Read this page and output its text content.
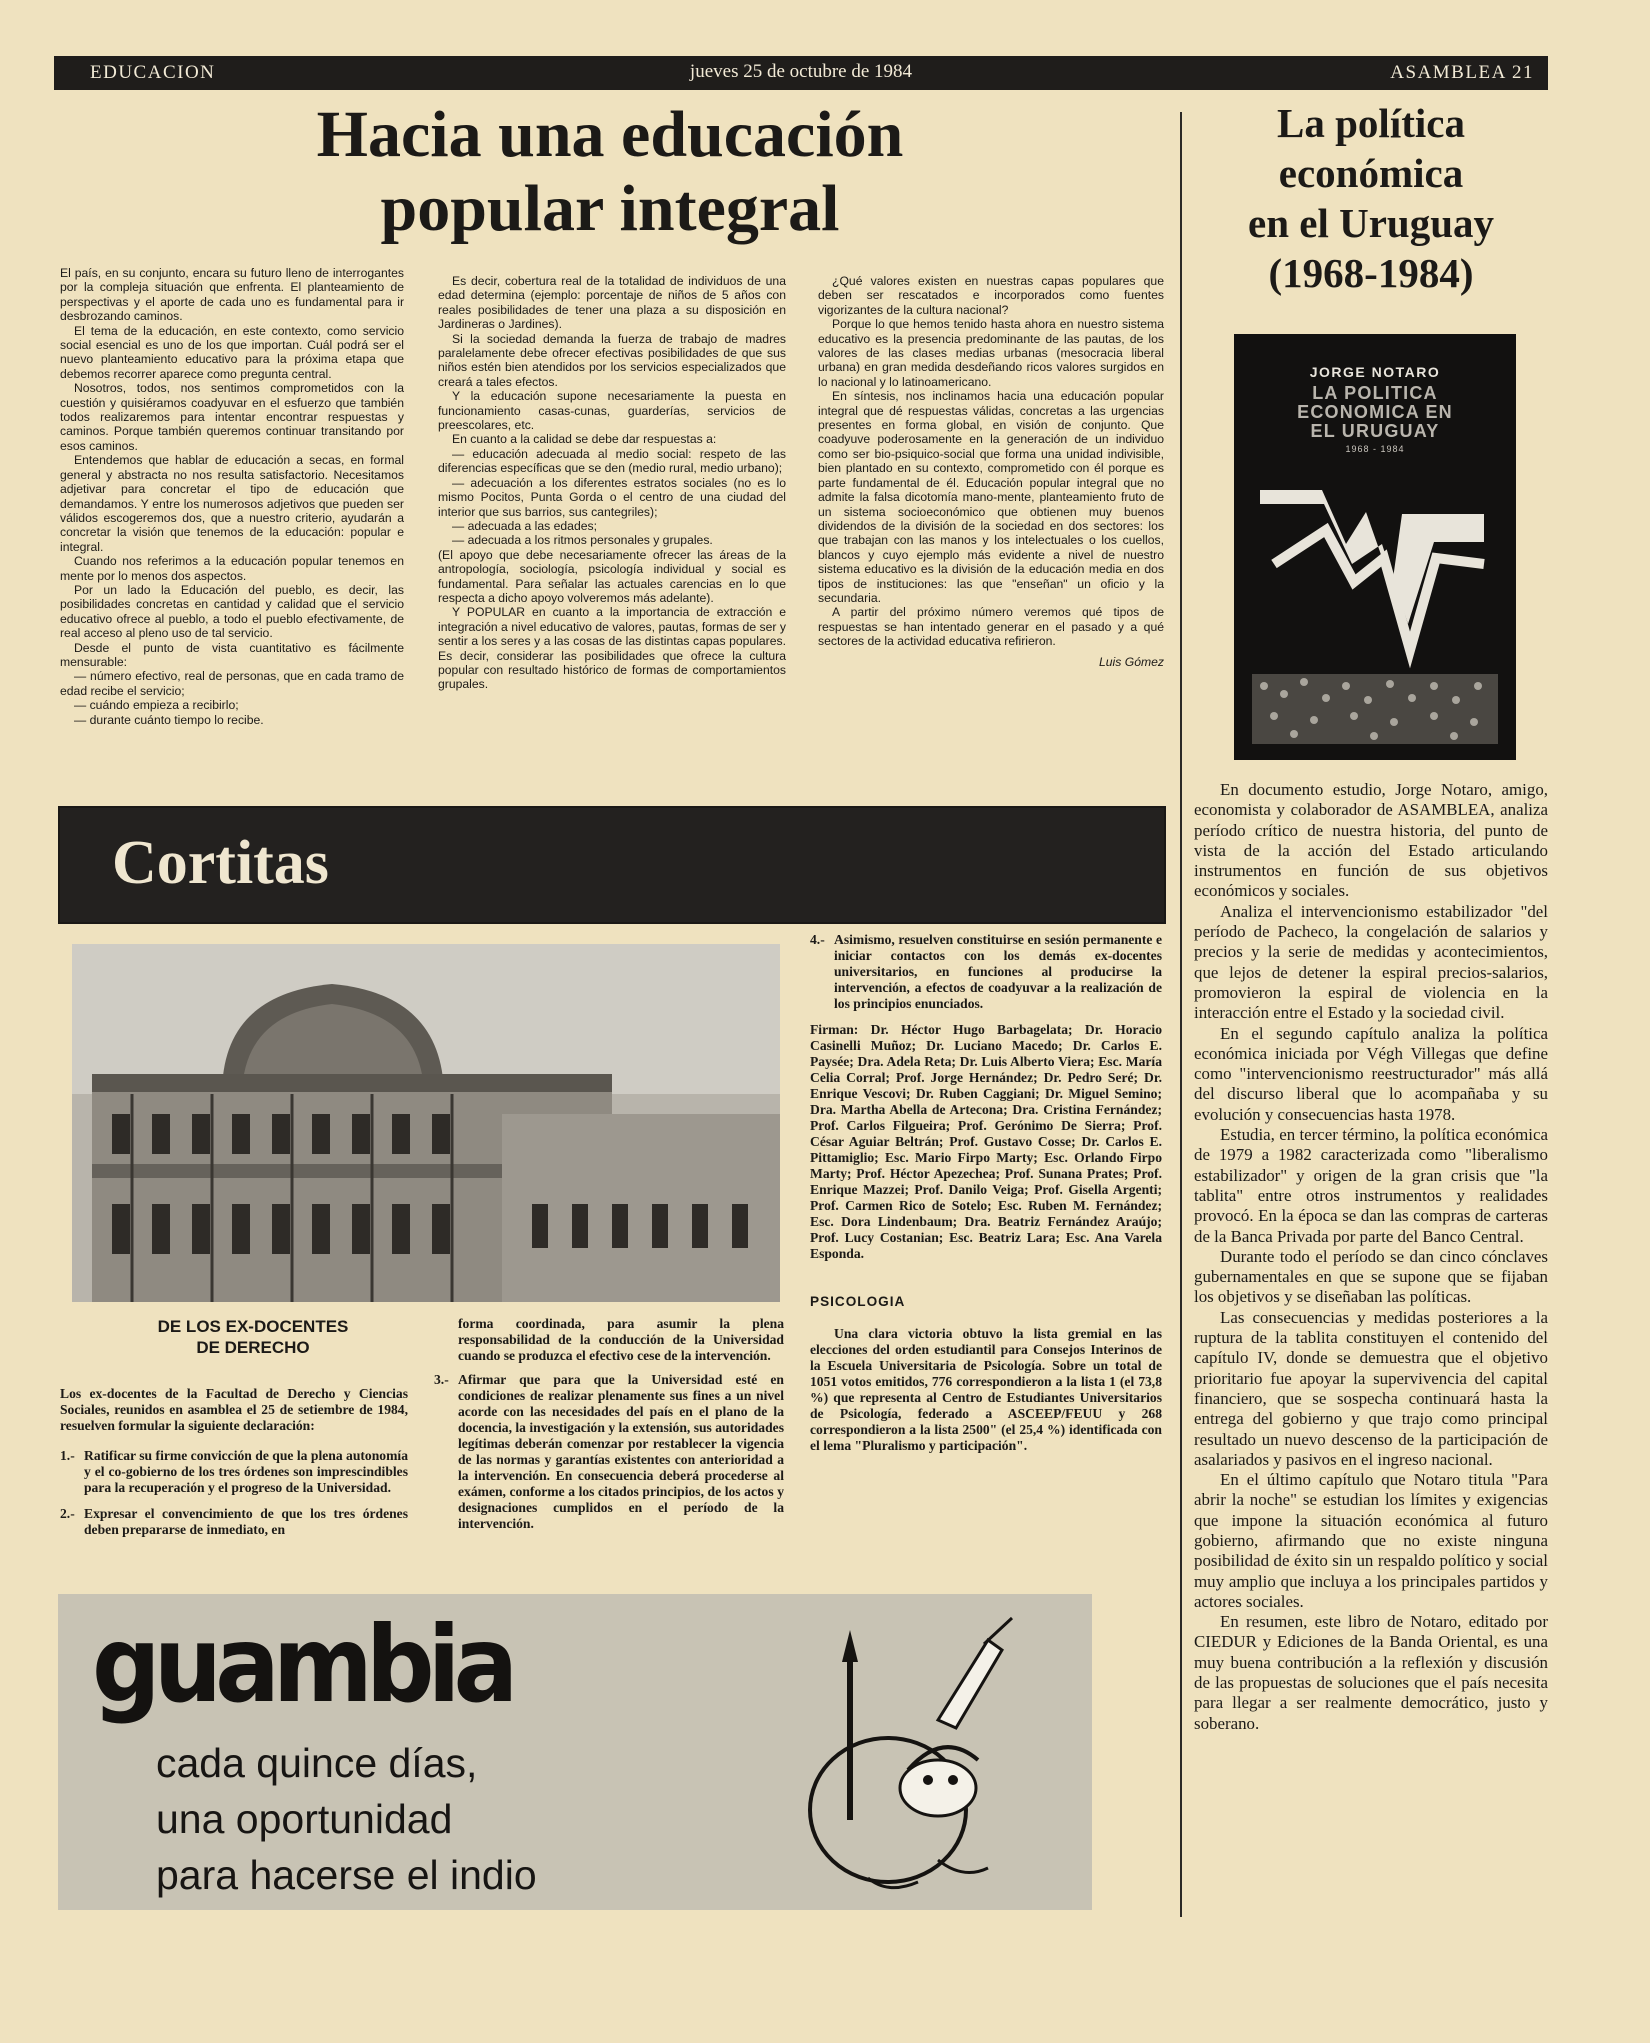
EDUCACION	jueves 25 de octubre de 1984	ASAMBLEA 21
Hacia una educación
popular integral

El país, en su conjunto, encara su futuro lleno de interrogantes por la compleja situación que enfrenta. El planteamiento de perspectivas y el aporte de cada uno es fundamental para ir desbrozando caminos.

El tema de la educación, en este contexto, como servicio social esencial es uno de los que importan. Cuál podrá ser el nuevo planteamiento educativo para la próxima etapa que debemos recorrer aparece como pregunta central.

Nosotros, todos, nos sentimos comprometidos con la cuestión y quisiéramos coadyuvar en el esfuerzo que también todos realizaremos para intentar encontrar respuestas y caminos. Porque también queremos continuar transitando por esos caminos.

Entendemos que hablar de educación a secas, en formal general y abstracta no nos resulta satisfactorio. Necesitamos adjetivar para concretar el tipo de educación que demandamos. Y entre los numerosos adjetivos que pueden ser válidos escogeremos dos, que a nuestro criterio, ayudarán a concretar la visión que tenemos de la educación: popular e integral.

Cuando nos referimos a la educación popular tenemos en mente por lo menos dos aspectos.

Por un lado la Educación del pueblo, es decir, las posibilidades concretas en cantidad y calidad que el servicio educativo ofrece al pueblo, a todo el pueblo efectivamente, de real acceso al pleno uso de tal servicio.

Desde el punto de vista cuantitativo es fácilmente mensurable:

— número efectivo, real de personas, que en cada tramo de edad recibe el servicio;

— cuándo empieza a recibirlo;

— durante cuánto tiempo lo recibe.

Es decir, cobertura real de la totalidad de individuos de una edad determina (ejemplo: porcentaje de niños de 5 años con reales posibilidades de tener una plaza a su disposición en Jardineras o Jardines).

Si la sociedad demanda la fuerza de trabajo de madres paralelamente debe ofrecer efectivas posibilidades de que sus niños estén bien atendidos por los servicios especializados que creará a tales efectos.

Y la educación supone necesariamente la puesta en funcionamiento casas-cunas, guarderías, servicios de preescolares, etc.

En cuanto a la calidad se debe dar respuestas a:

— educación adecuada al medio social: respeto de las diferencias específicas que se den (medio rural, medio urbano);

— adecuación a los diferentes estratos sociales (no es lo mismo Pocitos, Punta Gorda o el centro de una ciudad del interior que sus barrios, sus cantegriles);

— adecuada a las edades;

— adecuada a los ritmos personales y grupales.

(El apoyo que debe necesariamente ofrecer las áreas de la antropología, sociología, psicología individual y social es fundamental. Para señalar las actuales carencias en lo que respecta a dicho apoyo volveremos más adelante).

Y POPULAR en cuanto a la importancia de extracción e integración a nivel educativo de valores, pautas, formas de ser y sentir a los seres y a las cosas de las distintas capas populares. Es decir, considerar las posibilidades que ofrece la cultura popular con resultado histórico de formas de comportamientos grupales.

¿Qué valores existen en nuestras capas populares que deben ser rescatados e incorporados como fuentes vigorizantes de la cultura nacional?

Porque lo que hemos tenido hasta ahora en nuestro sistema educativo es la presencia predominante de las pautas, de los valores de las clases medias urbanas (mesocracia liberal urbana) en gran medida desdeñando ricos valores surgidos en lo nacional y lo latinoamericano.

En síntesis, nos inclinamos hacia una educación popular integral que dé respuestas válidas, concretas a las urgencias presentes en forma global, en visión de conjunto. Que coadyuve poderosamente en la generación de un individuo como ser bio-psiquico-social que forma una unidad indivisible, bien plantado en su contexto, comprometido con él porque es parte fundamental de él. Educación popular integral que no admite la falsa dicotomía mano-mente, planteamiento fruto de un sistema socioeconómico que obtienen muy buenos dividendos de la división de la sociedad en dos sectores: los que trabajan con las manos y los intelectuales o los cuellos, blancos y cuyo ejemplo más evidente a nivel de nuestro sistema educativo es la división de la educación media en dos tipos de instituciones: las que "enseñan" un oficio y la secundaria.

A partir del próximo número veremos qué tipos de respuestas se han intentado generar en el pasado y a qué sectores de la actividad educativa refirieron.

Luis Gómez

Cortitas
DE LOS EX-DOCENTES
DE DERECHO

Los ex-docentes de la Facultad de Derecho y Ciencias Sociales, reunidos en asamblea el 25 de setiembre de 1984, resuelven formular la siguiente declaración:

1.- Ratificar su firme convicción de que la plena autonomía y el co-gobierno de los tres órdenes son imprescindibles para la recuperación y el progreso de la Universidad.
2.- Expresar el convencimiento de que los tres órdenes deben prepararse de inmediato, en

forma coordinada, para asumir la plena responsabilidad de la conducción de la Universidad cuando se produzca el efectivo cese de la intervención.

3.- Afirmar que para que la Universidad esté en condiciones de realizar plenamente sus fines a un nivel acorde con las necesidades del país en el plano de la docencia, la investigación y la extensión, sus autoridades legítimas deberán comenzar por restablecer la vigencia de las normas y garantías existentes con anterioridad a la intervención. En consecuencia deberá procederse al exámen, conforme a los citados principios, de los actos y designaciones cumplidos en el período de la intervención.
4.- Asimismo, resuelven constituirse en sesión permanente e iniciar contactos con los demás ex-docentes universitarios, en funciones al producirse la intervención, a efectos de coadyuvar a la realización de los principios enunciados.

Firman: Dr. Héctor Hugo Barbagelata; Dr. Horacio Casinelli Muñoz; Dr. Luciano Macedo; Dr. Carlos E. Paysée; Dra. Adela Reta; Dr. Luis Alberto Viera; Esc. María Celia Corral; Prof. Jorge Hernández; Dr. Pedro Seré; Dr. Enrique Vescovi; Dr. Ruben Caggiani; Dr. Miguel Semino; Dra. Martha Abella de Artecona; Dra. Cristina Fernández; Prof. Carlos Filgueira; Prof. Gerónimo De Sierra; Prof. César Aguiar Beltrán; Prof. Gustavo Cosse; Dr. Carlos E. Pittamiglio; Esc. Mario Firpo Marty; Esc. Orlando Firpo Marty; Prof. Héctor Apezechea; Prof. Sunana Prates; Prof. Enrique Mazzei; Prof. Danilo Veiga; Prof. Gisella Argenti; Prof. Carmen Rico de Sotelo; Esc. Ruben M. Fernández; Esc. Dora Lindenbaum; Dra. Beatriz Fernández Araújo; Prof. Lucy Costanian; Esc. Beatriz Lara; Esc. Ana Varela Esponda.

PSICOLOGIA

Una clara victoria obtuvo la lista gremial en las elecciones del orden estudiantil para Consejos Interinos de la Escuela Universitaria de Psicología. Sobre un total de 1051 votos emitidos, 776 correspondieron a la lista 1 (el 73,8 %) que representa al Centro de Estudiantes Universitarios de Psicología, federado a ASCEEP/FEUU y 268 correspondieron a la lista 2500" (el 25,4 %) identificada con el lema "Pluralismo y participación".

guambia
cada quince días,
una oportunidad
para hacerse el indio
La política
económica
en el Uruguay
(1968-1984)
JORGE NOTARO
LA POLITICA
ECONOMICA EN
EL URUGUAY
1968 - 1984

En documento estudio, Jorge Notaro, amigo, economista y colaborador de ASAMBLEA, analiza período crítico de nuestra historia, del punto de vista de la acción del Estado articulando instrumentos en función de sus objetivos económicos y sociales.

Analiza el intervencionismo estabilizador "del período de Pacheco, la congelación de salarios y precios y la serie de medidas y acontecimientos, que lejos de detener la espiral precios-salarios, promovieron la espiral de violencia en la interacción entre el Estado y la sociedad civil.

En el segundo capítulo analiza la política económica iniciada por Végh Villegas que define como "intervencionismo reestructurador" más allá del discurso liberal que lo acompañaba y su evolución y consecuencias hasta 1978.

Estudia, en tercer término, la política económica de 1979 a 1982 caracterizada como "liberalismo estabilizador" y origen de la gran crisis que "la tablita" entre otros instrumentos y realidades provocó. En la época se dan las compras de carteras de la Banca Privada por parte del Banco Central.

Durante todo el período se dan cinco cónclaves gubernamentales en que se supone que se fijaban los objetivos y se diseñaban las políticas.

Las consecuencias y medidas posteriores a la ruptura de la tablita constituyen el contenido del capítulo IV, donde se demuestra que el objetivo prioritario fue apoyar la supervivencia del capital financiero, que se sospecha continuará hasta la entrega del gobierno y que trajo como principal resultado un nuevo descenso de la participación de asalariados y pasivos en el ingreso nacional.

En el último capítulo que Notaro titula "Para abrir la noche" se estudian los límites y exigencias que impone la situación económica al futuro gobierno, afirmando que no existe ninguna posibilidad de éxito sin un respaldo político y social muy amplio que incluya a los principales partidos y actores sociales.

En resumen, este libro de Notaro, editado por CIEDUR y Ediciones de la Banda Oriental, es una muy buena contribución a la reflexión y discusión de las propuestas de soluciones que el país necesita para llegar a ser realmente democrático, justo y soberano.
